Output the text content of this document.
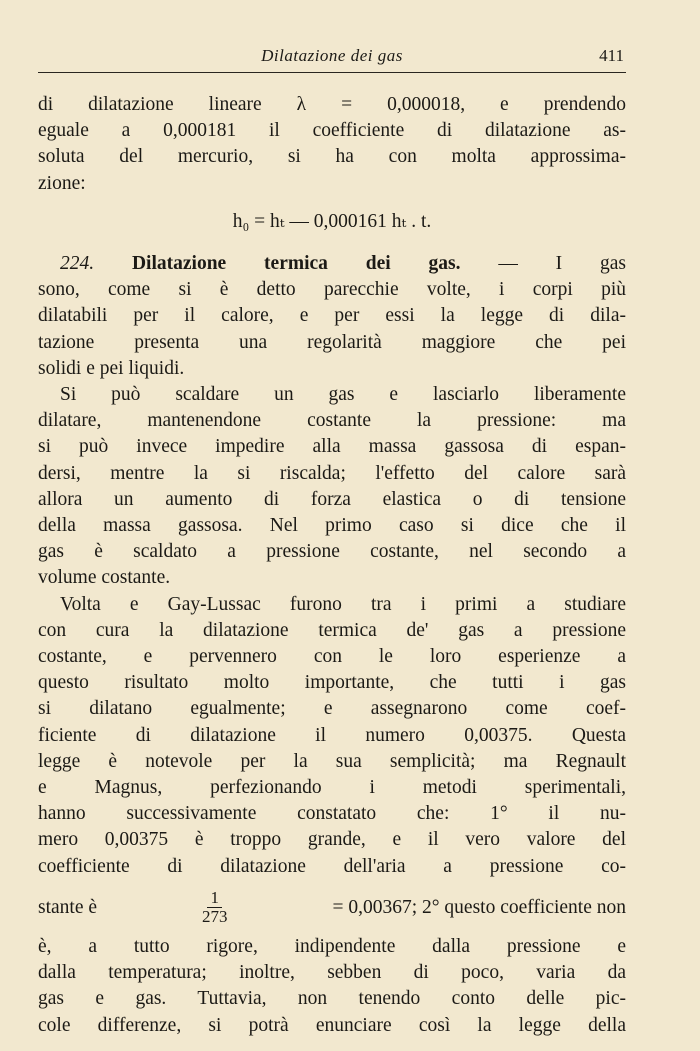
Dilatazione dei gas	411
di dilatazione lineare λ = 0,000018, e prendendo
eguale a 0,000181 il coefficiente di dilatazione as-
soluta del mercurio, si ha con molta approssima-
zione:
h₀ = hₜ — 0,000161 hₜ . t.
224. Dilatazione termica dei gas. — I gas
sono, come si è detto parecchie volte, i corpi più
dilatabili per il calore, e per essi la legge di dila-
tazione presenta una regolarità maggiore che pei
solidi e pei liquidi.
Si può scaldare un gas e lasciarlo liberamente
dilatare, mantenendone costante la pressione: ma
si può invece impedire alla massa gassosa di espan-
dersi, mentre la si riscalda; l'effetto del calore sarà
allora un aumento di forza elastica o di tensione
della massa gassosa. Nel primo caso si dice che il
gas è scaldato a pressione costante, nel secondo a
volume costante.
Volta e Gay-Lussac furono tra i primi a studiare
con cura la dilatazione termica de' gas a pressione
costante, e pervennero con le loro esperienze a
questo risultato molto importante, che tutti i gas
si dilatano egualmente; e assegnarono come coef-
ficiente di dilatazione il numero 0,00375. Questa
legge è notevole per la sua semplicità; ma Regnault
e Magnus, perfezionando i metodi sperimentali,
hanno successivamente constatato che: 1° il nu-
mero 0,00375 è troppo grande, e il vero valore del
coefficiente di dilatazione dell'aria a pressione co-
stante è	$\frac{1}{273}$	= 0,00367; 2° questo coefficiente non
è, a tutto rigore, indipendente dalla pressione e
dalla temperatura; inoltre, sebben di poco, varia da
gas e gas. Tuttavia, non tenendo conto delle pic-
cole differenze, si potrà enunciare così la legge della
